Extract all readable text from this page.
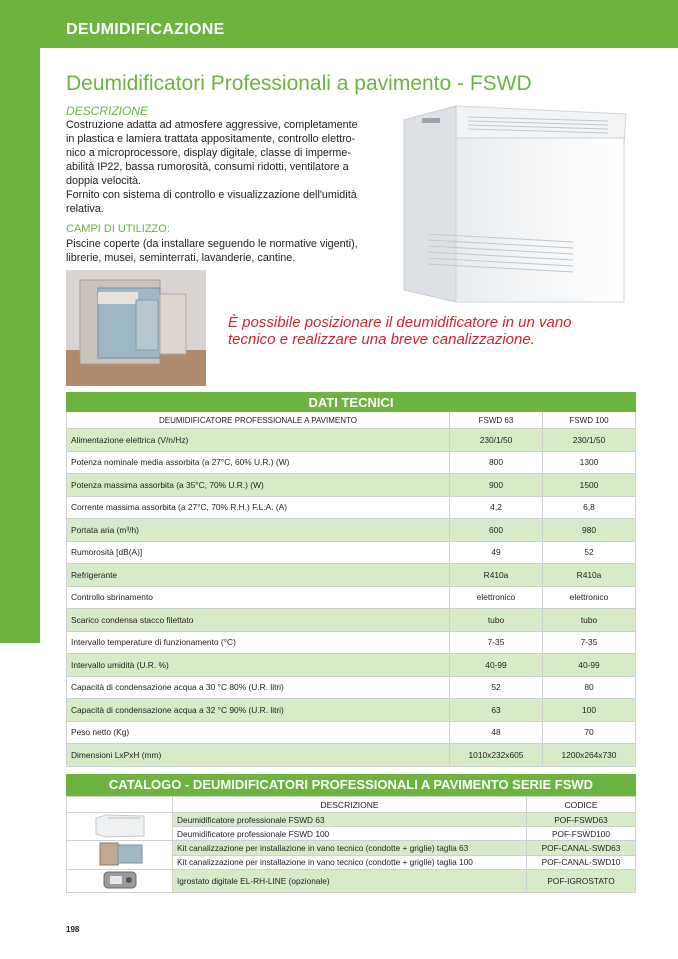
DEUMIDIFICAZIONE
Deumidificatori Professionali a pavimento - FSWD
DESCRIZIONE
Costruzione adatta ad atmosfere aggressive, completamente
in plastica e lamiera trattata appositamente, controllo elettro-
nico a microprocessore, display digitale, classe di imperme-
abilità IP22, bassa rumorosità, consumi ridotti, ventilatore a
doppia velocità.
Fornito con sistema di controllo e visualizzazione dell'umidità
relativa.
CAMPI DI UTILIZZO:
Piscine coperte (da installare seguendo le normative vigenti),
librerie, musei, seminterrati, lavanderie, cantine.
È possibile posizionare il deumidificatore in un vano
tecnico e realizzare una breve canalizzazione.
DATI TECNICI		
DEUMIDIFICATORE PROFESSIONALE A PAVIMENTO	FSWD 63	FSWD 100
Alimentazione elettrica (V/n/Hz)	230/1/50	230/1/50
Potenza nominale media assorbita (a 27°C, 60% U.R.) (W)	800	1300
Potenza massima assorbita (a 35°C, 70% U.R.) (W)	900	1500
Corrente massima assorbita (a 27°C, 70% R.H.) F.L.A. (A)	4,2	6,8
Portata aria (m³/h)	600	980
Rumorosità [dB(A)]	49	52
Refrigerante	R410a	R410a
Controllo sbrinamento	elettronico	elettronico
Scarico condensa stacco filettato	tubo	tubo
Intervallo temperature di funzionamento (°C)	7-35	7-35
Intervallo umidità (U.R. %)	40-99	40-99
Capacità di condensazione acqua a 30 °C 80% (U.R. litri)	52	80
Capacità di condensazione acqua a 32 °C 90% (U.R. litri)	63	100
Peso netto (Kg)	48	70
Dimensioni LxPxH (mm)	1010x232x605	1200x264x730
CATALOGO - DEUMIDIFICATORI PROFESSIONALI A PAVIMENTO SERIE FSWD
	DESCRIZIONE	CODICE
	Deumidificatore professionale FSWD 63	POF-FSWD63
	Deumidificatore professionale FSWD 100	POF-FSWD100
	Kit canalizzazione per installazione in vano tecnico (condotte + griglie) taglia 63	POF-CANAL-SWD63
	Kit canalizzazione per installazione in vano tecnico (condotte + griglie) taglia 100	POF-CANAL-SWD10
	Igrostato digitale EL-RH-LINE (opzionale)	POF-IGROSTATO
198
